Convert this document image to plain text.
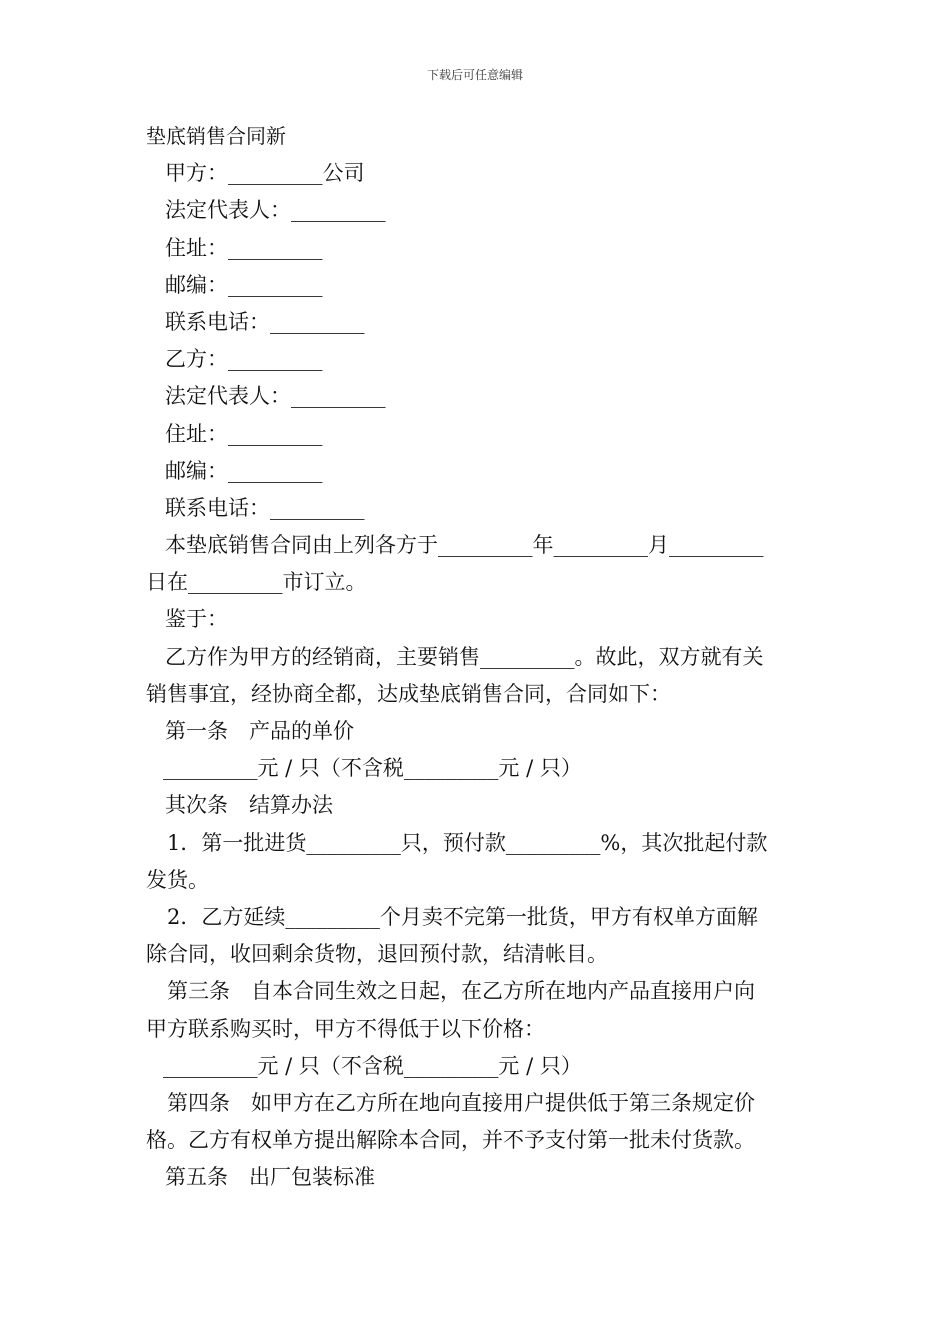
下载后可任意编辑
垫底销售合同新
甲方：_________公司
法定代表人：_________
住址：_________
邮编：_________
联系电话：_________
乙方：_________
法定代表人：_________
住址：_________
邮编：_________
联系电话：_________
本垫底销售合同由上列各方于_________年_________月_________
日在_________市订立。
鉴于：
乙方作为甲方的经销商，主要销售_________。故此，双方就有关
销售事宜，经协商全都，达成垫底销售合同，合同如下：
第一条 产品的单价
_________元 / 只（不含税_________元 / 只）
其次条 结算办法
1．第一批进货_________只，预付款_________%，其次批起付款
发货。
2．乙方延续_________个月卖不完第一批货，甲方有权单方面解
除合同，收回剩余货物，退回预付款，结清帐目。
第三条 自本合同生效之日起，在乙方所在地内产品直接用户向
甲方联系购买时，甲方不得低于以下价格：
_________元 / 只（不含税_________元 / 只）
第四条 如甲方在乙方所在地向直接用户提供低于第三条规定价
格。乙方有权单方提出解除本合同，并不予支付第一批未付货款。
第五条 出厂包装标准
